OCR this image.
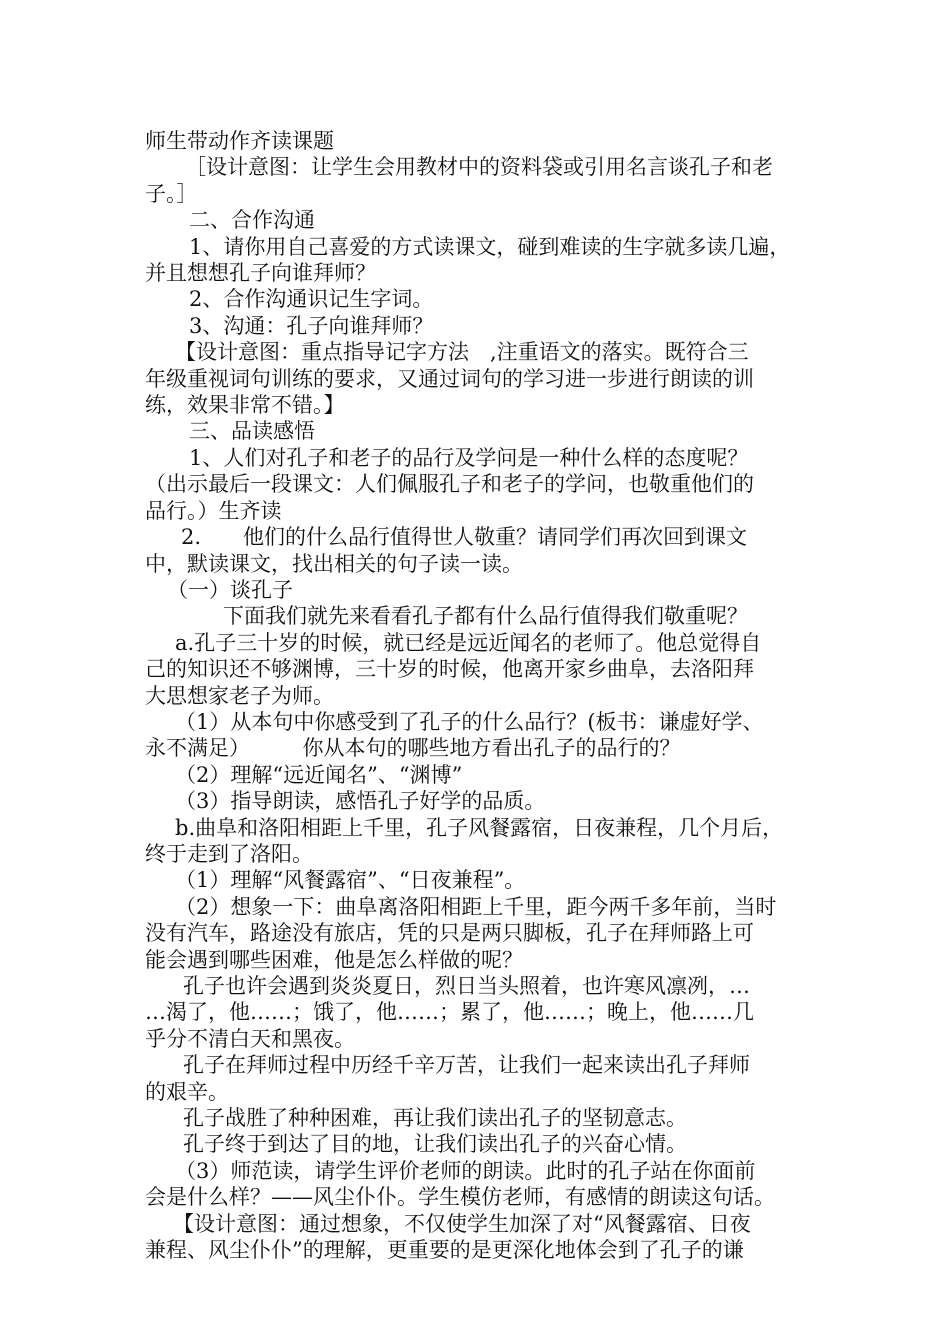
师生带动作齐读课题

［设计意图：让学生会用教材中的资料袋或引用名言谈孔子和老

子。］

二、合作沟通

1、请你用自己喜爱的方式读课文，碰到难读的生字就多读几遍，

并且想想孔子向谁拜师？

2、合作沟通识记生字词。

3、沟通：孔子向谁拜师？

【设计意图：重点指导记字方法　,注重语文的落实。既符合三

年级重视词句训练的要求，又通过词句的学习进一步进行朗读的训

练，效果非常不错。】

三、品读感悟

1、人们对孔子和老子的品行及学问是一种什么样的态度呢？

（出示最后一段课文：人们佩服孔子和老子的学问，也敬重他们的

品行。）生齐读

2.　　他们的什么品行值得世人敬重？请同学们再次回到课文

中，默读课文，找出相关的句子读一读。

（一）谈孔子

下面我们就先来看看孔子都有什么品行值得我们敬重呢？

a.孔子三十岁的时候，就已经是远近闻名的老师了。他总觉得自

己的知识还不够渊博，三十岁的时候，他离开家乡曲阜，去洛阳拜

大思想家老子为师。

（1）从本句中你感受到了孔子的什么品行？(板书：谦虚好学、

永不满足）　　　你从本句的哪些地方看出孔子的品行的？

（2）理解“远近闻名”、“渊博”

（3）指导朗读，感悟孔子好学的品质。

b.曲阜和洛阳相距上千里，孔子风餐露宿，日夜兼程，几个月后，

终于走到了洛阳。

（1）理解“风餐露宿”、“日夜兼程”。

（2）想象一下：曲阜离洛阳相距上千里，距今两千多年前，当时

没有汽车，路途没有旅店，凭的只是两只脚板，孔子在拜师路上可

能会遇到哪些困难，他是怎么样做的呢？

孔子也许会遇到炎炎夏日，烈日当头照着，也许寒风凛冽，…

…渴了，他……；饿了，他……；累了，他……；晚上，他……几

乎分不清白天和黑夜。

孔子在拜师过程中历经千辛万苦，让我们一起来读出孔子拜师

的艰辛。

孔子战胜了种种困难，再让我们读出孔子的坚韧意志。

孔子终于到达了目的地，让我们读出孔子的兴奋心情。

（3）师范读，请学生评价老师的朗读。此时的孔子站在你面前

会是什么样？——风尘仆仆。学生模仿老师，有感情的朗读这句话。

【设计意图：通过想象，不仅使学生加深了对“风餐露宿、日夜

兼程、风尘仆仆”的理解，更重要的是更深化地体会到了孔子的谦
